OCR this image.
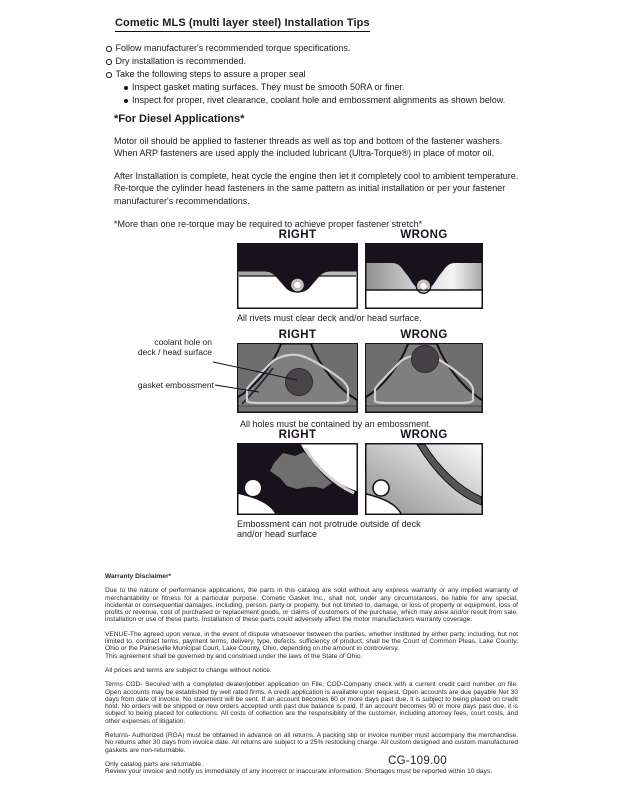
Cometic MLS (multi layer steel) Installation Tips
Follow manufacturer's recommended torque specifications.
Dry installation is recommended.
Take the following steps to assure a proper seal
Inspect gasket mating surfaces. They must be smooth 50RA or finer.
Inspect for proper, rivet clearance, coolant hole and embossment alignments as shown below.
*For Diesel Applications*

Motor oil should be applied to fastener threads as well as top and bottom of the fastener washers. When ARP fasteners are used apply the included lubricant (Ultra-Torque®) in place of motor oil.

After Installation is complete, heat cycle the engine then let it completely cool to ambient temperature. Re-torque the cylinder head fasteners in the same pattern as initial installation or per your fastener manufacturer's recommendations.

*More than one re-torque may be required to achieve proper fastener stretch*

RIGHT	WRONG
All rivets must clear deck and/or head surface.
coolant hole on
deck / head surface
gasket embossment
RIGHT	WRONG
All holes must be contained by an embossment.
RIGHT	WRONG
Embossment can not protrude outside of deck
and/or head surface
Warranty Disclaimer*
Due to the nature of performance applications, the parts in this catalog are sold without any express warranty or any implied warranty of merchantability or fitness for a particular purpose. Cometic Gasket Inc., shall not, under any circumstances, be liable for any special, incidental or consequential damages, including, person, party or property, but not limited to, damage, or loss of property or equipment, loss of profits or revenue, cost of purchased or replacement goods, or claims of customers of the purchase, which may arise and/or result from sale, installation or use of these parts. Installation of these parts could adversely affect the motor manufacturers warranty coverage.
VENUE-The agreed upon venue, in the event of dispute whatsoever between the parties, whether instituted by either party, including, but not limited to, contract terms, payment terms, delivery, type, defects, sufficiency of product, shall be the Court of Common Pleas, Lake County, Ohio or the Painesville Municipal Court, Lake County, Ohio, depending on the amount in controversy.
This agreement shall be governed by and construed under the laws of the State of Ohio.
All prices and terms are subject to change without notice.
Terms COD- Secured with a completed dealer/jobber application on File, COD-Company check with a current credit card number on file. Open accounts may be established by well rated firms. A credit application is available upon request. Open accounts are due payable Net 30 days from date of invoice. No statement will be sent. If an account becomes 60 or more days past due, it is subject to being placed on credit hold. No orders will be shipped or new orders accepted until past due balance is paid. If an account becomes 90 or more days past due, it is subject to being placed for collections. All costs of collection are the responsibility of the customer, including attorney fees, court costs, and other expenses of litigation.
Returns- Authorized (RGA) must be obtained in advance on all returns. A packing slip or invoice number must accompany the merchandise. No returns after 30 days from invoice date. All returns are subject to a 25% restocking charge. All custom designed and custom manufactured gaskets are non-returnable.
Only catalog parts are returnable.
Review your invoice and notify us immediately of any incorrect or inaccurate information. Shortages must be reported within 10 days.
CG-109.00
